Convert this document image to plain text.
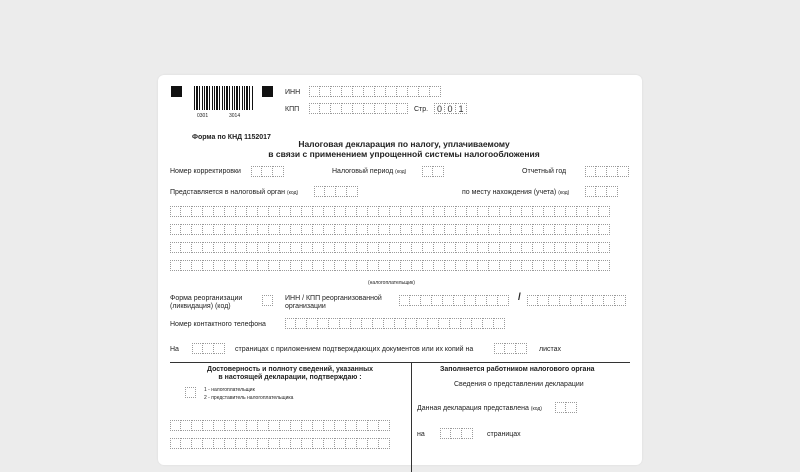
0301	3014
ИНН
КПП	Стр. 0 0 1
Форма по КНД 1152017
Налоговая декларация по налогу, уплачиваемому
в связи с применением упрощенной системы налогообложения
Номер корректировки	Налоговый период (код)	Отчетный год
Представляется в налоговый орган (код)	по месту нахождения (учета) (код)
(налогоплательщик)
Форма реорганизации
(ликвидация) (код)
ИНН / КПП реорганизованной
организации
/
Номер контактного телефона
На	страницах с приложением подтверждающих документов или их копий на	листах
Достоверность и полноту сведений, указанных
в настоящей декларации, подтверждаю :
1 - налогоплательщик
2 - представитель налогоплательщика
Заполняется работником налогового органа
Сведения о представлении декларации
Данная декларация представлена (код)
на	страницах
